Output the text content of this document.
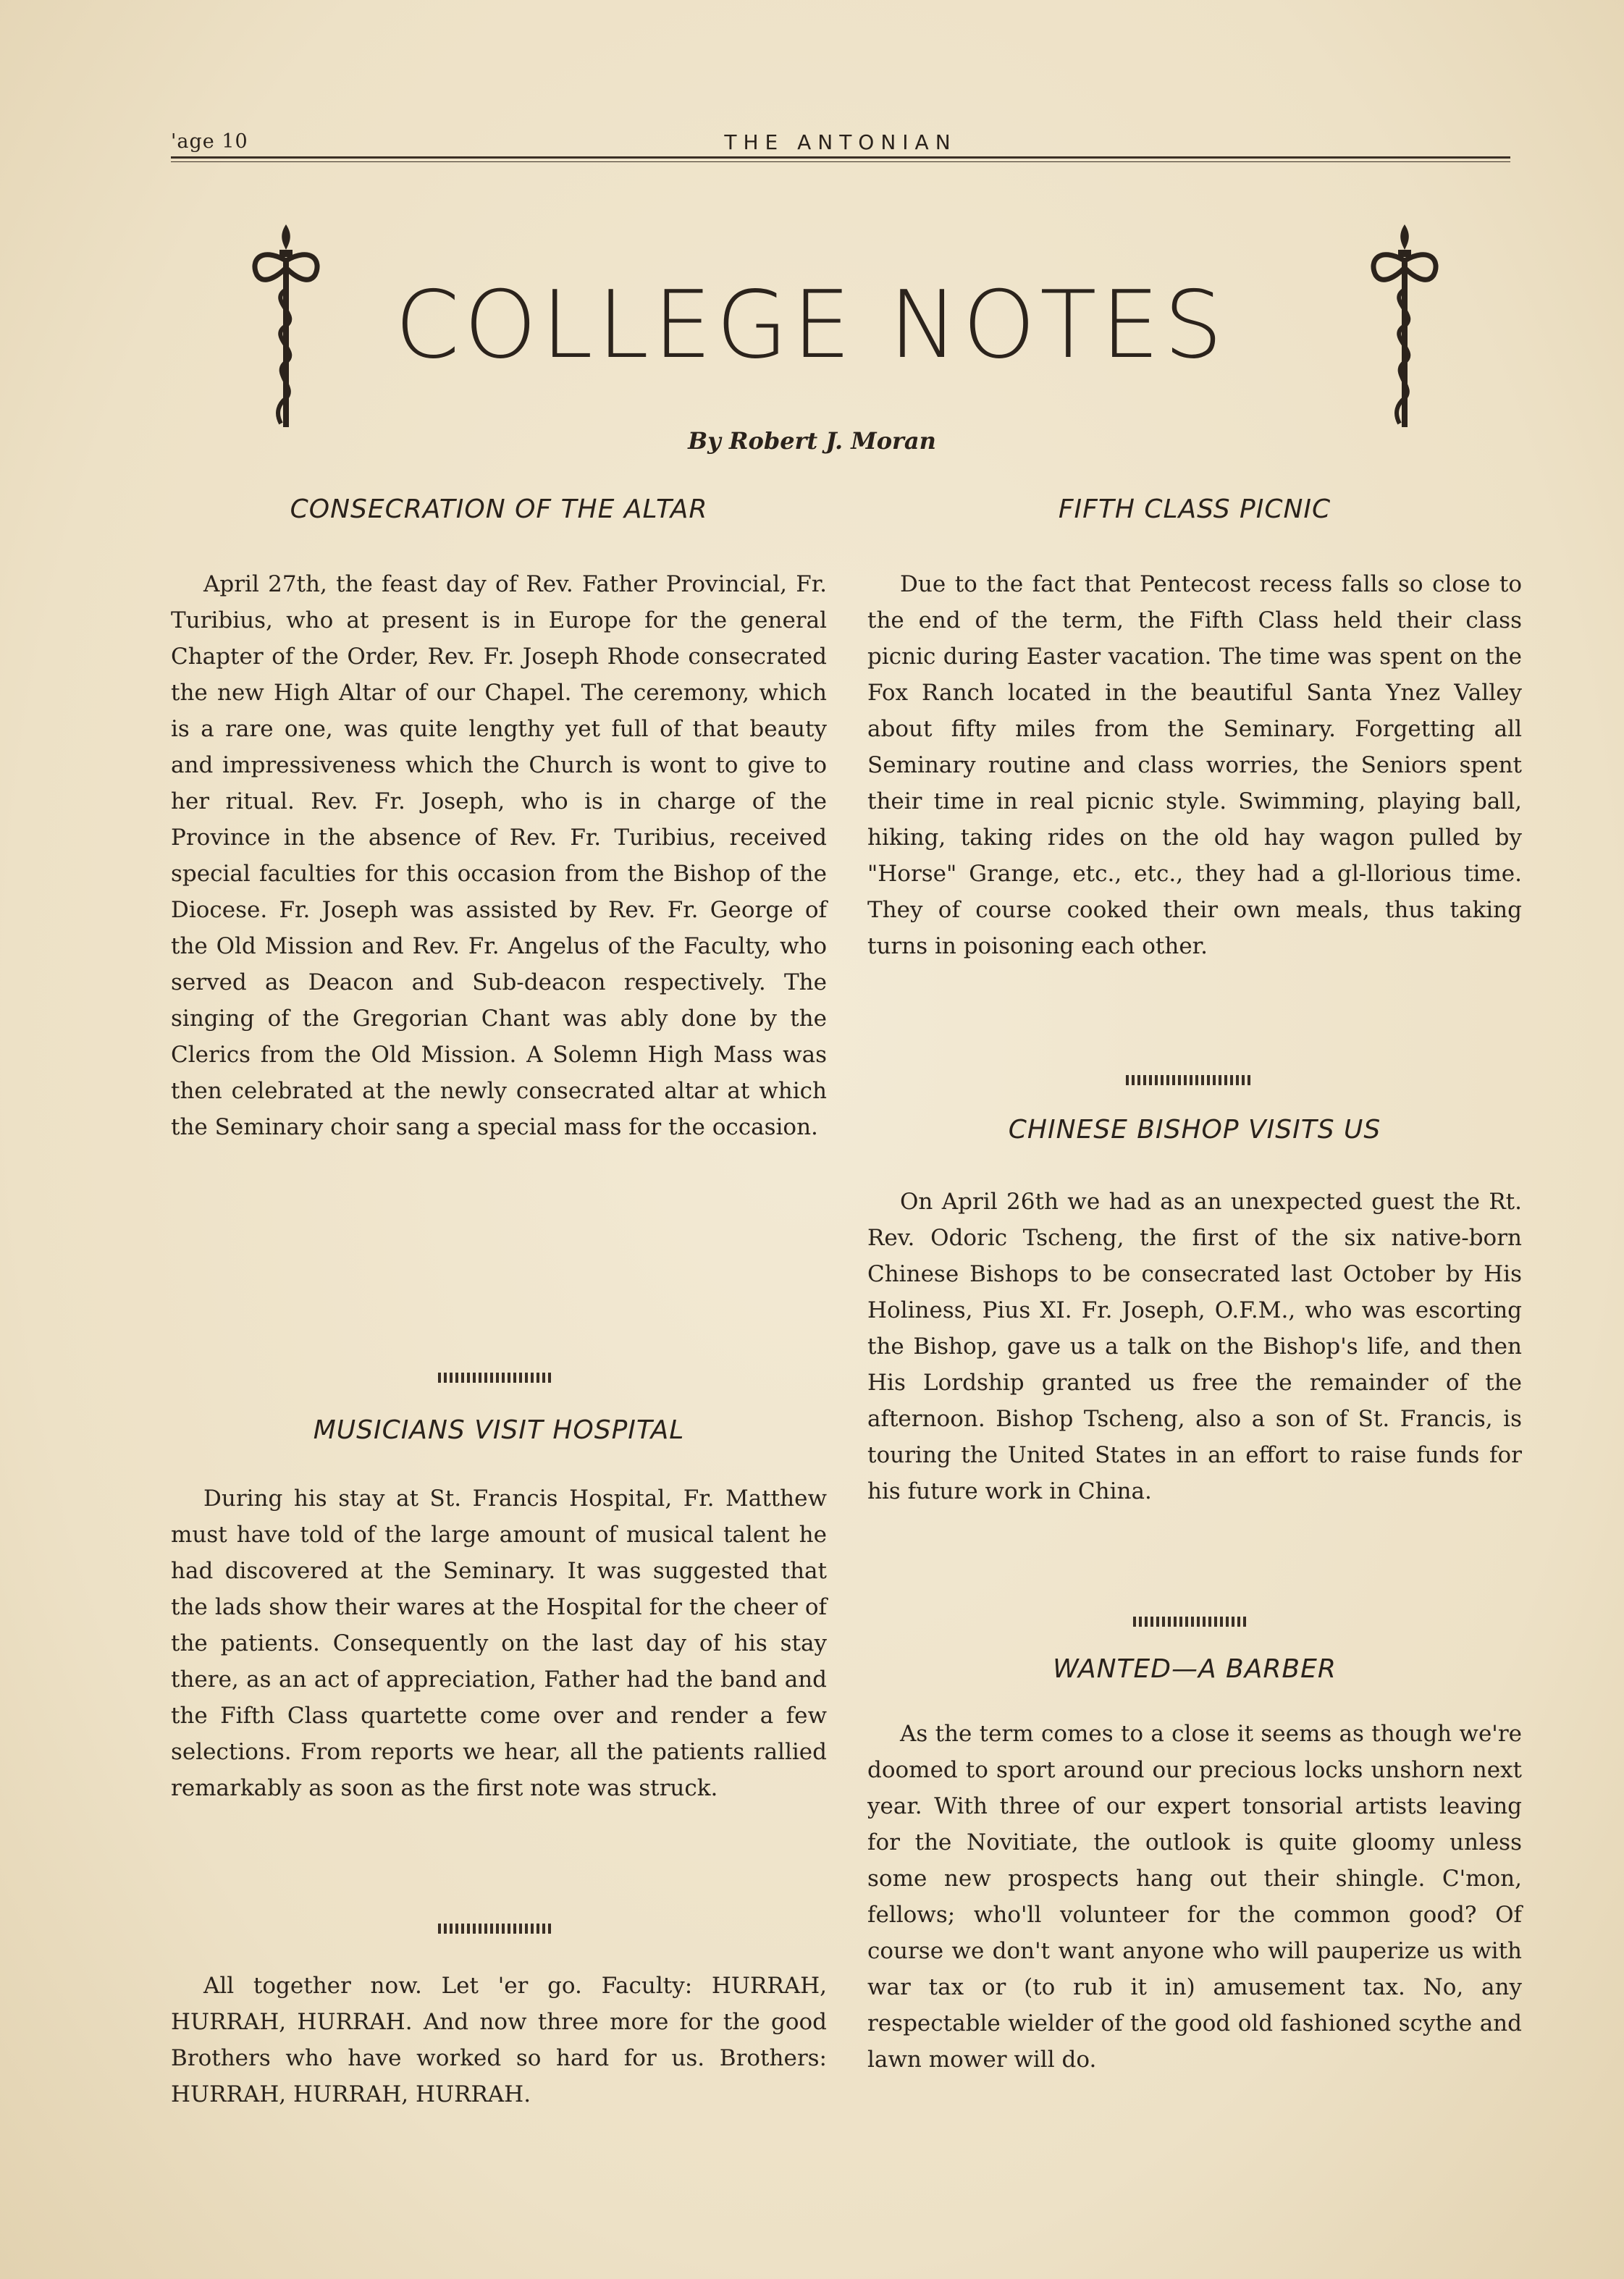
'age 10	THE ANTONIAN
COLLEGE NOTES
By Robert J. Moran
CONSECRATION OF THE ALTAR
April 27th, the feast day of Rev. Father Provincial, Fr. Turibius, who at present is in Europe for the general Chapter of the Order, Rev. Fr. Joseph Rhode consecrated the new High Altar of our Chapel. The ceremony, which is a rare one, was quite lengthy yet full of that beauty and impressiveness which the Church is wont to give to her ritual. Rev. Fr. Joseph, who is in charge of the Province in the absence of Rev. Fr. Turibius, received special faculties for this occasion from the Bishop of the Diocese. Fr. Joseph was assisted by Rev. Fr. George of the Old Mission and Rev. Fr. Angelus of the Faculty, who served as Deacon and Sub-deacon respectively. The singing of the Gregorian Chant was ably done by the Clerics from the Old Mission. A Solemn High Mass was then celebrated at the newly consecrated altar at which the Seminary choir sang a special mass for the occasion.
MUSICIANS VISIT HOSPITAL
During his stay at St. Francis Hospital, Fr. Matthew must have told of the large amount of musical talent he had discovered at the Seminary. It was suggested that the lads show their wares at the Hospital for the cheer of the patients. Consequently on the last day of his stay there, as an act of appreciation, Father had the band and the Fifth Class quartette come over and render a few selections. From reports we hear, all the patients rallied remarkably as soon as the first note was struck.
All together now. Let 'er go. Faculty: HURRAH, HURRAH, HURRAH. And now three more for the good Brothers who have worked so hard for us. Brothers: HURRAH, HURRAH, HURRAH.
FIFTH CLASS PICNIC
Due to the fact that Pentecost recess falls so close to the end of the term, the Fifth Class held their class picnic during Easter vacation. The time was spent on the Fox Ranch located in the beautiful Santa Ynez Valley about fifty miles from the Seminary. Forgetting all Seminary routine and class worries, the Seniors spent their time in real picnic style. Swimming, playing ball, hiking, taking rides on the old hay wagon pulled by "Horse" Grange, etc., etc., they had a gl-llorious time. They of course cooked their own meals, thus taking turns in poisoning each other.
CHINESE BISHOP VISITS US
On April 26th we had as an unexpected guest the Rt. Rev. Odoric Tscheng, the first of the six native-born Chinese Bishops to be consecrated last October by His Holiness, Pius XI. Fr. Joseph, O.F.M., who was escorting the Bishop, gave us a talk on the Bishop's life, and then His Lordship granted us free the remainder of the afternoon. Bishop Tscheng, also a son of St. Francis, is touring the United States in an effort to raise funds for his future work in China.
WANTED—A BARBER
As the term comes to a close it seems as though we're doomed to sport around our precious locks unshorn next year. With three of our expert tonsorial artists leaving for the Novitiate, the outlook is quite gloomy unless some new prospects hang out their shingle. C'mon, fellows; who'll volunteer for the common good? Of course we don't want anyone who will pauperize us with war tax or (to rub it in) amusement tax. No, any respectable wielder of the good old fashioned scythe and lawn mower will do.
